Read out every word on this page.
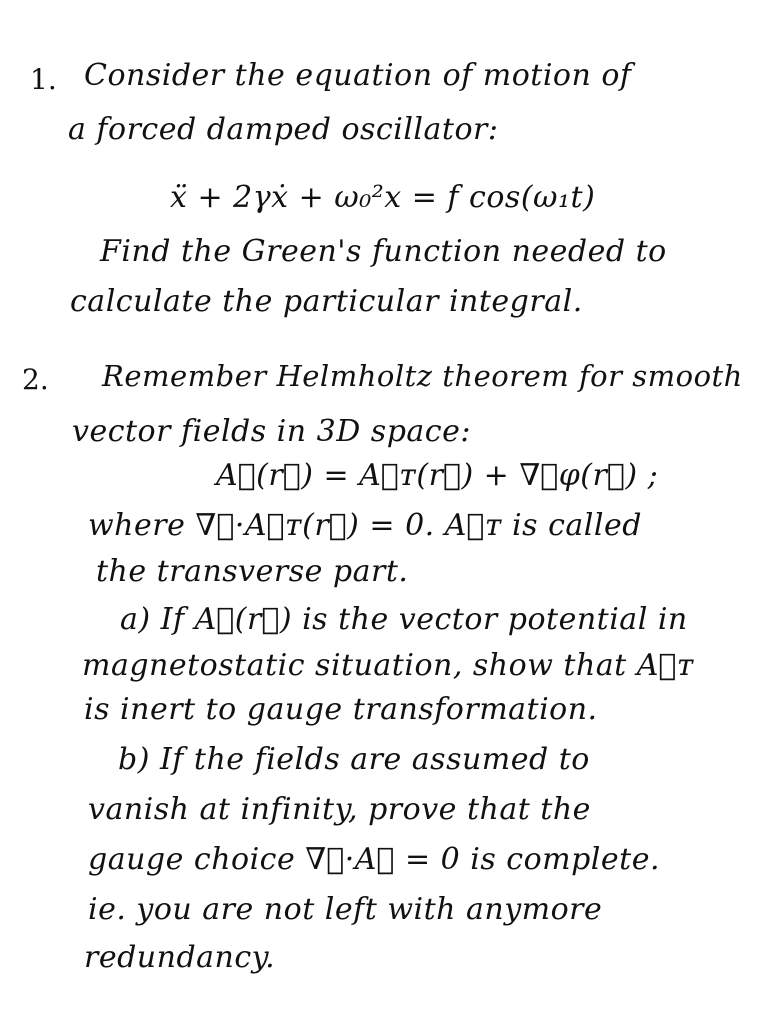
1. Consider the equation of motion of
a forced damped oscillator:
ẍ + 2γẋ + ω₀²x = f cos(ω₁t)
Find the Green's function needed to
calculate the particular integral.
2. Remember Helmholtz theorem for smooth
vector fields in 3D space:
A⃗(r⃗) = A⃗ᴛ(r⃗) + ∇⃗φ(r⃗) ;
where ∇⃗·A⃗ᴛ(r⃗) = 0. A⃗ᴛ is called
the transverse part.
a) If A⃗(r⃗) is the vector potential in
magnetostatic situation, show that A⃗ᴛ
is inert to gauge transformation.
b) If the fields are assumed to
vanish at infinity, prove that the
gauge choice ∇⃗·A⃗ = 0 is complete.
ie. you are not left with anymore
redundancy.
